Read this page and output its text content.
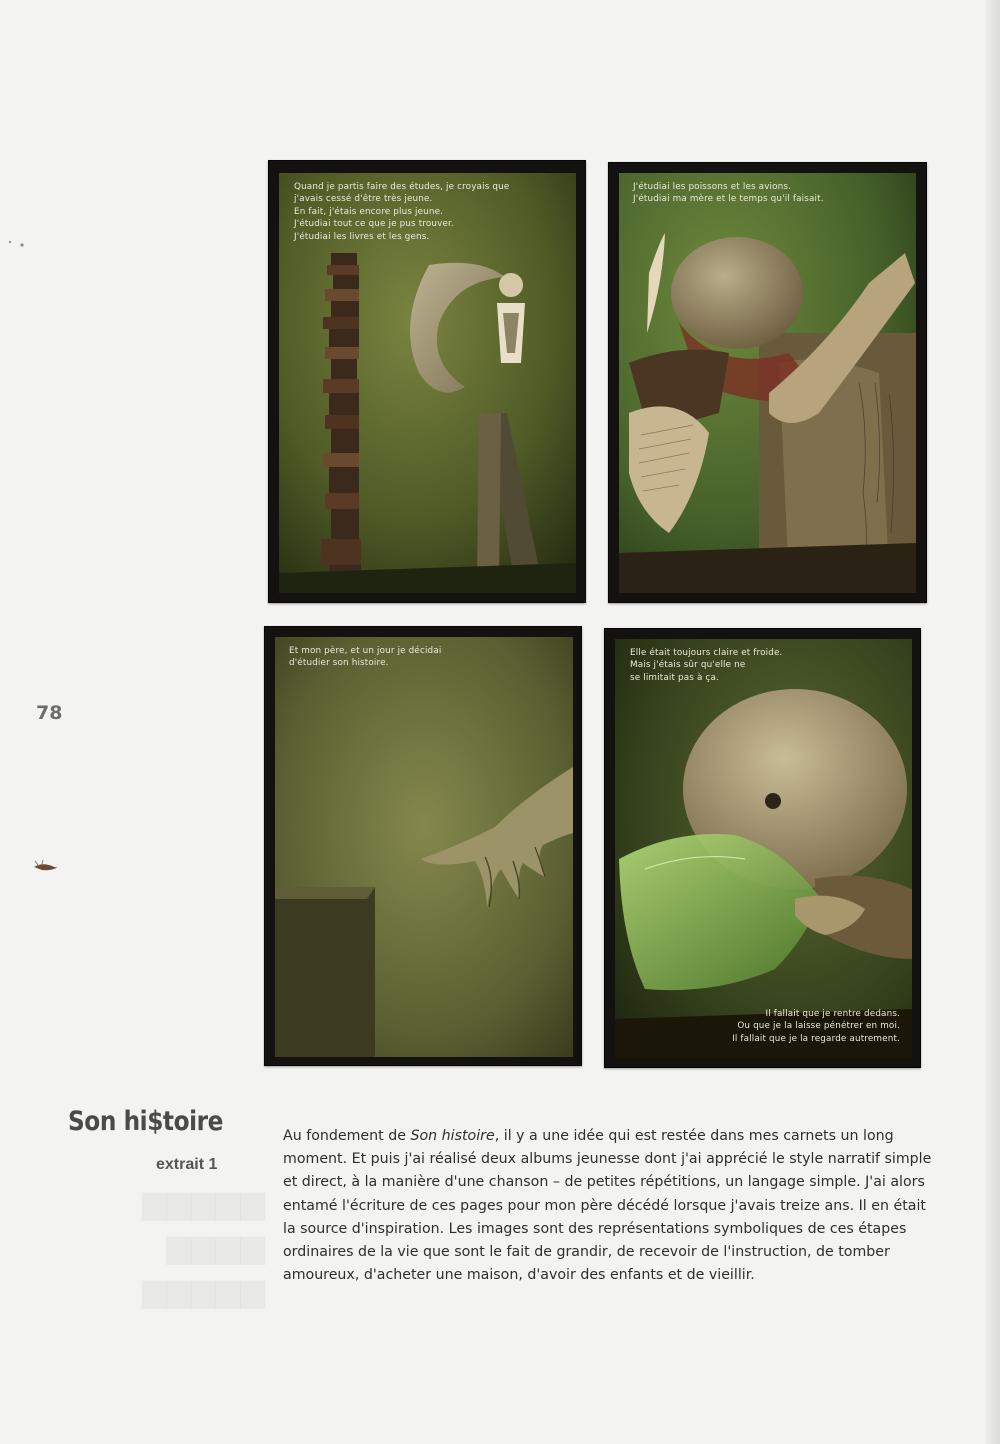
78
Quand je partis faire des études, je croyais que
j'avais cessé d'être très jeune.
En fait, j'étais encore plus jeune.
J'étudiai tout ce que je pus trouver.
J'étudiai les livres et les gens.
J'étudiai les poissons et les avions.
J'étudiai ma mère et le temps qu'il faisait.
Et mon père, et un jour je décidai
d'étudier son histoire.
Elle était toujours claire et froide.
Mais j'étais sûr qu'elle ne
se limitait pas à ça.
Il fallait que je rentre dedans.
Ou que je la laisse pénétrer en moi.
Il fallait que je la regarde autrement.

Son hi$toire
extrait 1

Au fondement de Son histoire, il y a une idée qui est restée dans mes carnets un long
moment. Et puis j'ai réalisé deux albums jeunesse dont j'ai apprécié le style narratif simple
et direct, à la manière d'une chanson – de petites répétitions, un langage simple. J'ai alors
entamé l'écriture de ces pages pour mon père décédé lorsque j'avais treize ans. Il en était
la source d'inspiration. Les images sont des représentations symboliques de ces étapes
ordinaires de la vie que sont le fait de grandir, de recevoir de l'instruction, de tomber
amoureux, d'acheter une maison, d'avoir des enfants et de vieillir.
